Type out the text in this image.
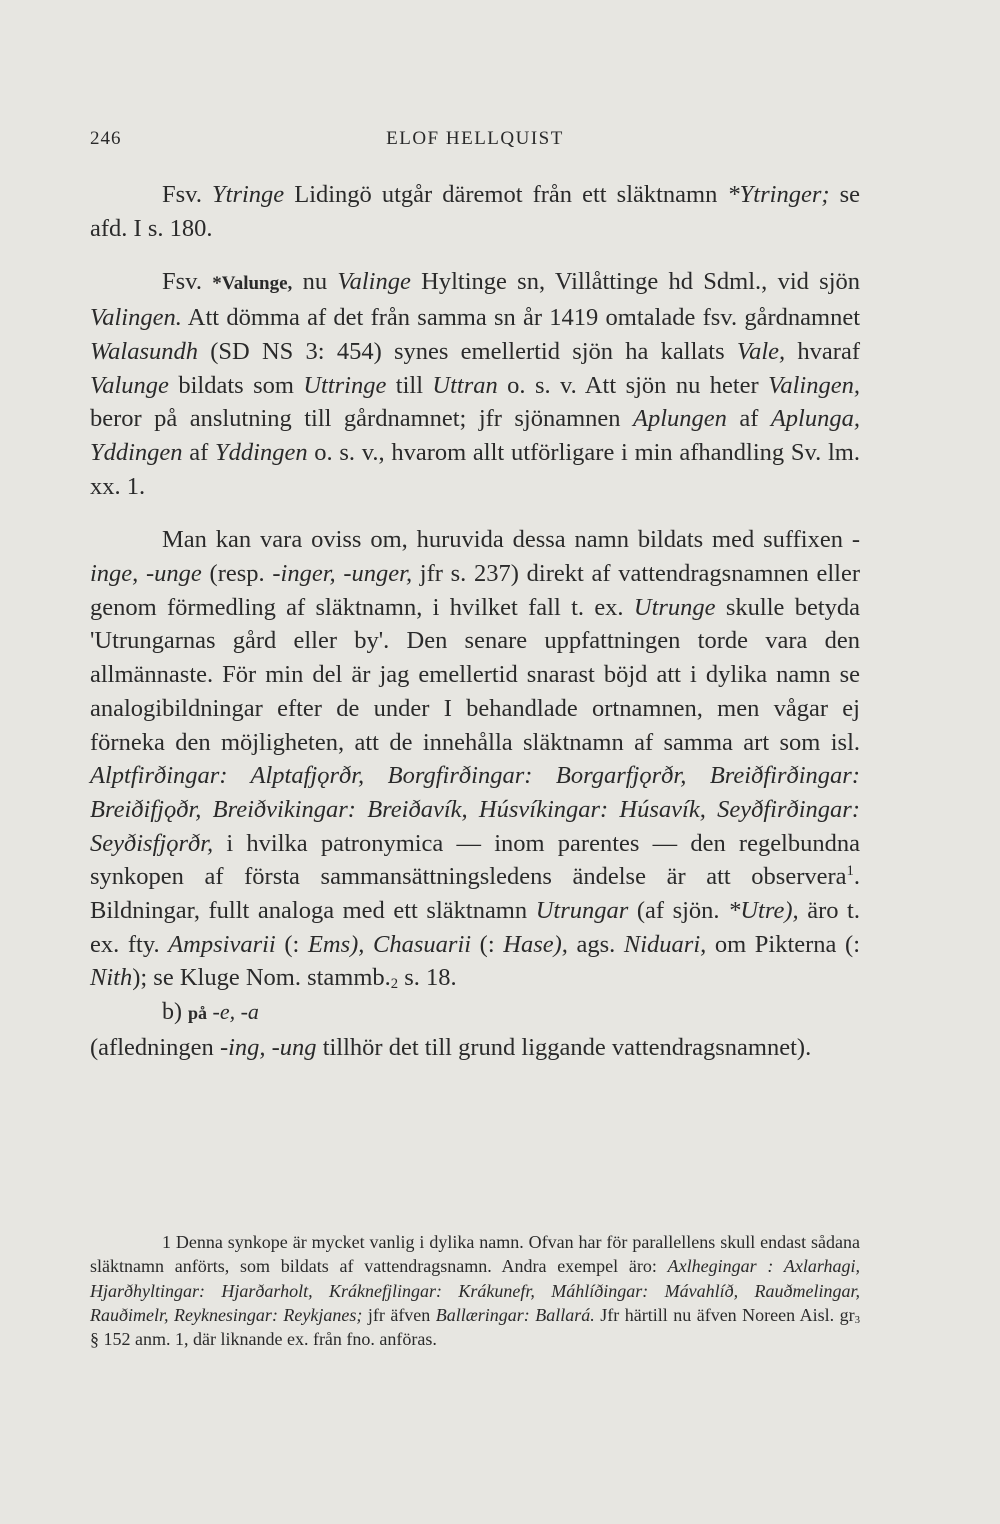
246	ELOF HELLQUIST

Fsv. Ytringe Lidingö utgår däremot från ett släktnamn *Ytringer; se afd. I s. 180.

Fsv. *Valunge, nu Valinge Hyltinge sn, Villåttinge hd Sdml., vid sjön Valingen. Att dömma af det från samma sn år 1419 omtalade fsv. gårdnamnet Walasundh (SD NS 3: 454) synes emellertid sjön ha kallats Vale, hvaraf Valunge bildats som Uttringe till Uttran o. s. v. Att sjön nu heter Valingen, beror på anslutning till gårdnamnet; jfr sjönamnen Aplungen af Aplunga, Yddingen af Yddingen o. s. v., hvarom allt utförligare i min afhandling Sv. lm. xx. 1.

Man kan vara oviss om, huruvida dessa namn bildats med suffixen -inge, -unge (resp. -inger, -unger, jfr s. 237) direkt af vattendragsnamnen eller genom förmedling af släktnamn, i hvilket fall t. ex. Utrunge skulle betyda 'Utrungarnas gård eller by'. Den senare uppfattningen torde vara den allmännaste. För min del är jag emellertid snarast böjd att i dylika namn se analogibildningar efter de under I behandlade ortnamnen, men vågar ej förneka den möjligheten, att de innehålla släktnamn af samma art som isl. Alptfirðingar: Alptafjǫrðr, Borgfirðingar: Borgarfjǫrðr, Breiðfirðingar: Breiðifjǫðr, Breiðvikingar: Breiðavík, Húsvíkingar: Húsavík, Seyðfirðingar: Seyðisfjǫrðr, i hvilka patronymica — inom parentes — den regelbundna synkopen af första sammansättningsledens ändelse är att observera$^1$. Bildningar, fullt analoga med ett släktnamn Utrungar (af sjön. *Utre), äro t. ex. fty. Ampsivarii (: Ems), Chasuarii (: Hase), ags. Niduari, om Pikterna (: Nith); se Kluge Nom. $stammb._2$ s. 18.

b) på -e, -a

(afledningen -ing, -ung tillhör det till grund liggande vattendragsnamnet).

1 Denna synkope är mycket vanlig i dylika namn. Ofvan har för parallellens skull endast sådana släktnamn anförts, som bildats af vattendragsnamn. Andra exempel äro: Axlhegingar : Axlarhagi, Hjarðhyltingar: Hjarðarholt, Kráknefjlingar: Krákunefr, Máhlíðingar: Mávahlíð, Rauðmelingar, Rauðimelr, Reyknesingar: Reykjanes; jfr äfven Ballæringar: Ballará. Jfr härtill nu äfven Noreen Aisl. $gr_3$ § 152 anm. 1, där liknande ex. från fno. anföras.
